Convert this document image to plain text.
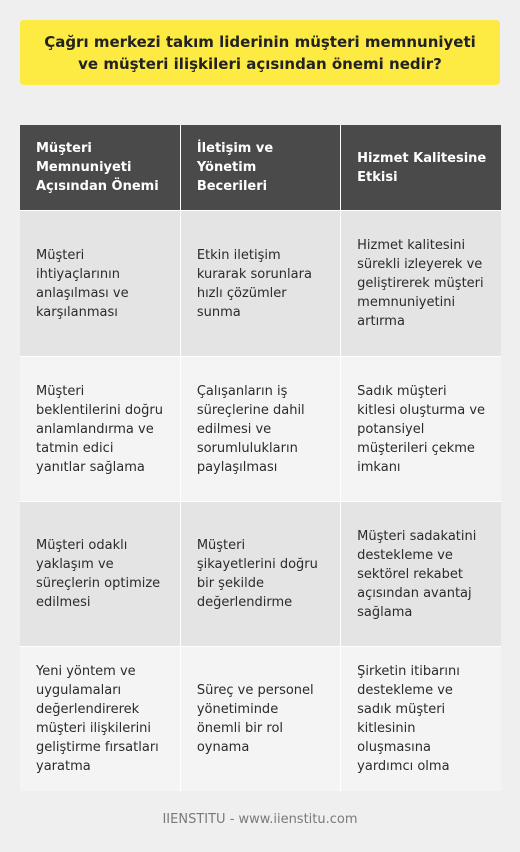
Çağrı merkezi takım liderinin müşteri memnuniyeti ve müşteri ilişkileri açısından önemi nedir?
Müşteri Memnuniyeti Açısından Önemi	İletişim ve Yönetim Becerileri	Hizmet Kalitesine Etkisi
Müşteri ihtiyaçlarının anlaşılması ve karşılanması	Etkin iletişim kurarak sorunlara hızlı çözümler sunma	Hizmet kalitesini sürekli izleyerek ve geliştirerek müşteri memnuniyetini artırma
Müşteri beklentilerini doğru anlamlandırma ve tatmin edici yanıtlar sağlama	Çalışanların iş süreçlerine dahil edilmesi ve sorumlulukların paylaşılması	Sadık müşteri kitlesi oluşturma ve potansiyel müşterileri çekme imkanı
Müşteri odaklı yaklaşım ve süreçlerin optimize edilmesi	Müşteri şikayetlerini doğru bir şekilde değerlendirme	Müşteri sadakatini destekleme ve sektörel rekabet açısından avantaj sağlama
Yeni yöntem ve uygulamaları değerlendirerek müşteri ilişkilerini geliştirme fırsatları yaratma	Süreç ve personel yönetiminde önemli bir rol oynama	Şirketin itibarını destekleme ve sadık müşteri kitlesinin oluşmasına yardımcı olma
IIENSTITU - www.iienstitu.com
